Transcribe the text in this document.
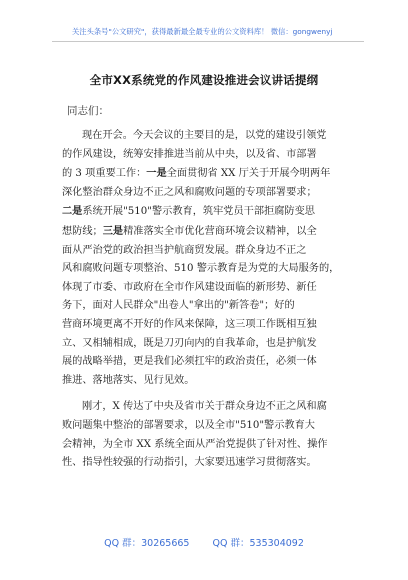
关注头条号"公文研究"，获得最新最全最专业的公文资料库！ 微信：gongwenyj
全市XX系统党的作风建设推进会议讲话提纲
同志们：
现在开会。今天会议的主要目的是，以党的建设引领党
的作风建设，统筹安排推进当前从中央，以及省、市部署
的 3 项重要工作：一是全面贯彻省 XX 厅关于开展今明两年
深化整治群众身边不正之风和腐败问题的专项部署要求；
二是系统开展"510"警示教育，筑牢党员干部拒腐防变思
想防线；三是精准落实全市优化营商环境会议精神，以全
面从严治党的政治担当护航商贸发展。群众身边不正之
风和腐败问题专项整治、510 警示教育是为党的大局服务的，
体现了市委、市政府在全市作风建设面临的新形势、新任
务下，面对人民群众"出卷人"拿出的"新答卷"；好的
营商环境更离不开好的作风来保障，这三项工作既相互独
立、又相辅相成，既是刀刃向内的自我革命，也是护航发
展的战略举措，更是我们必须扛牢的政治责任，必须一体
推进、落地落实、见行见效。
刚才，X 传达了中央及省市关于群众身边不正之风和腐
败问题集中整治的部署要求，以及全市"510"警示教育大
会精神，为全市 XX 系统全面从严治党提供了针对性、操作
性、指导性较强的行动指引，大家要迅速学习贯彻落实。
QQ 群：30265665 QQ 群：535304092
